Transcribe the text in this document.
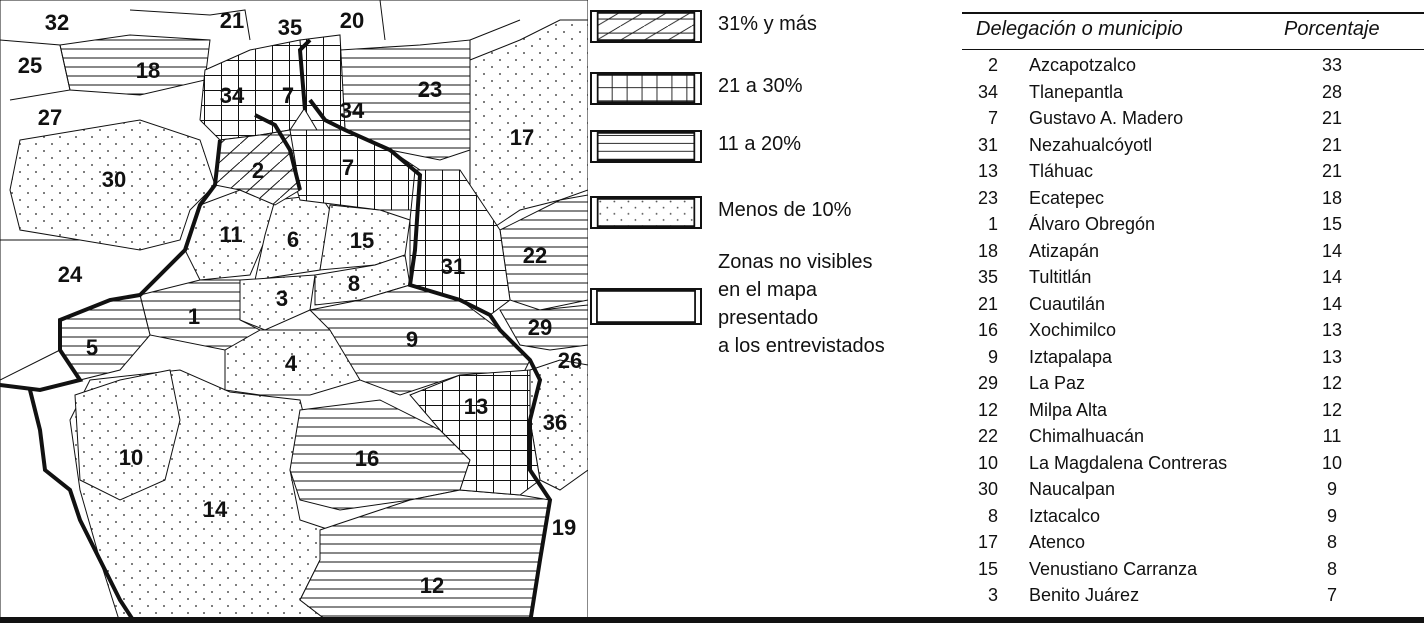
32	21 35 20
25	18
34 7
34
23
27
17
30	2	7
11 6 15
31	22
24	8
3
1	29
5	9
4	26
13
36
10	16
14
19
12
31% y más
21 a 30%
11 a 20%
Menos de 10%
Zonas no visibles
en el mapa
presentado
a los entrevistados
Delegación o municipio	Porcentaje
2 Azcapotzalco	33
34 Tlanepantla	28
7 Gustavo A. Madero	21
31 Nezahualcóyotl	21
13 Tláhuac	21
23 Ecatepec	18
1 Álvaro Obregón	15
18 Atizapán	14
35 Tultitlán	14
21 Cuautilán	14
16 Xochimilco	13
9 Iztapalapa	13
29 La Paz	12
12 Milpa Alta	12
22 Chimalhuacán	11
10 La Magdalena Contreras	10
30 Naucalpan	9
8 Iztacalco	9
17 Atenco	8
15 Venustiano Carranza	8
3 Benito Juárez	7
